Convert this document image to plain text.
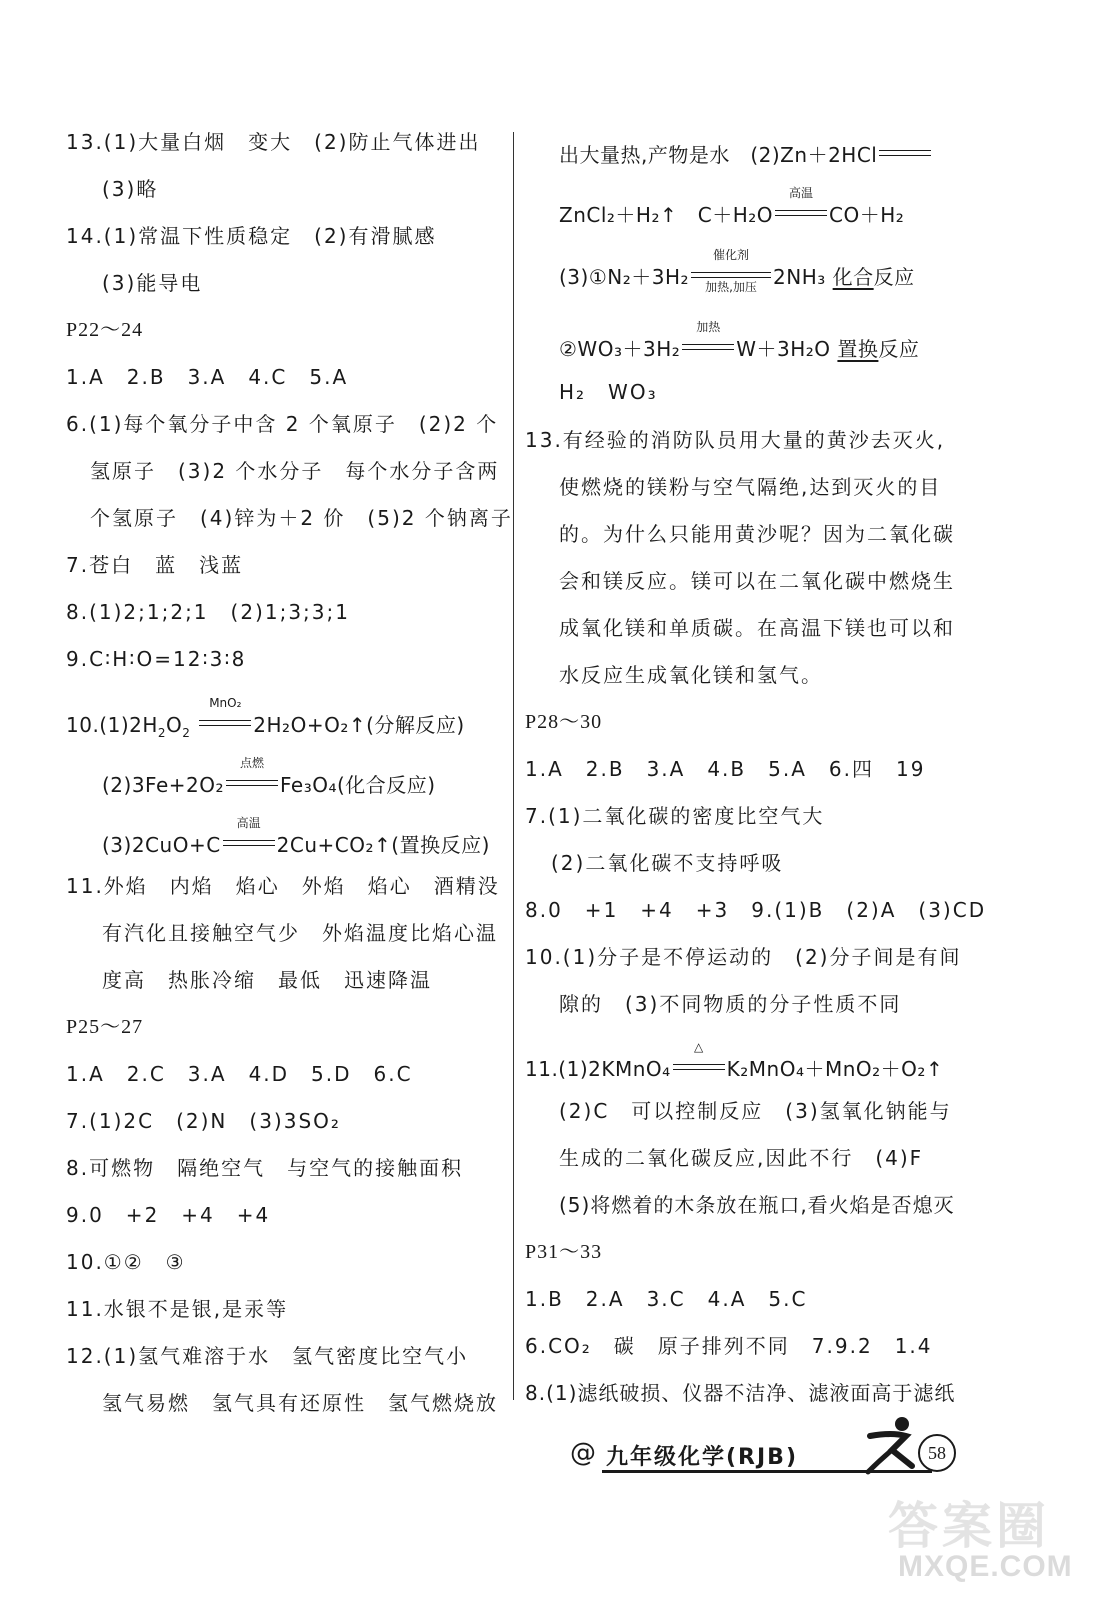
13.(1)大量白烟　变大　(2)防止气体进出
(3)略
14.(1)常温下性质稳定　(2)有滑腻感
(3)能导电
P22～24
1.A　2.B　3.A　4.C　5.A
6.(1)每个氧分子中含 2 个氧原子　(2)2 个
氢原子　(3)2 个水分子　每个水分子含两
个氢原子　(4)锌为＋2 价　(5)2 个钠离子
7.苍白　蓝　浅蓝
8.(1)2;1;2;1　(2)1;3;3;1
9.C∶H∶O=12∶3∶8
$10.(1)2H_2O_2$
MnO₂
2H₂O+O₂↑(分解反应)
(2)3Fe+2O₂
点燃
Fe₃O₄(化合反应)
(3)2CuO+C
高温
2Cu+CO₂↑(置换反应)
11.外焰　内焰　焰心　外焰　焰心　酒精没
有汽化且接触空气少　外焰温度比焰心温
度高　热胀冷缩　最低　迅速降温
P25～27
1.A　2.C　3.A　4.D　5.D　6.C
7.(1)2C　(2)N　(3)3SO₂
8.可燃物　隔绝空气　与空气的接触面积
9.0　+2　+4　+4
10.①②　③
11.水银不是银,是汞等
12.(1)氢气难溶于水　氢气密度比空气小
氢气易燃　氢气具有还原性　氢气燃烧放
出大量热,产物是水　(2)Zn＋2HCl
ZnCl₂＋H₂↑　C＋H₂O
高温
CO＋H₂
(3)①N₂＋3H₂
催化剂
加热,加压 2NH₃ 化合反应
②WO₃＋3H₂
加热
W＋3H₂O 置换反应
H₂　WO₃
13.有经验的消防队员用大量的黄沙去灭火,
使燃烧的镁粉与空气隔绝,达到灭火的目
的。为什么只能用黄沙呢？因为二氧化碳
会和镁反应。镁可以在二氧化碳中燃烧生
成氧化镁和单质碳。在高温下镁也可以和
水反应生成氧化镁和氢气。
P28～30
1.A　2.B　3.A　4.B　5.A　6.四　19
7.(1)二氧化碳的密度比空气大
(2)二氧化碳不支持呼吸
8.0　+1　+4　+3　9.(1)B　(2)A　(3)CD
10.(1)分子是不停运动的　(2)分子间是有间
隙的　(3)不同物质的分子性质不同
11.(1)2KMnO₄
△
K₂MnO₄＋MnO₂＋O₂↑
(2)C　可以控制反应　(3)氢氧化钠能与
生成的二氧化碳反应,因此不行　(4)F
(5)将燃着的木条放在瓶口,看火焰是否熄灭
P31～33
1.B　2.A　3.C　4.A　5.C
6.CO₂　碳　原子排列不同　7.9.2　1.4
8.(1)滤纸破损、仪器不洁净、滤液面高于滤纸
@ 九年级化学(RJB)	58
答案圈
MXQE.COM
